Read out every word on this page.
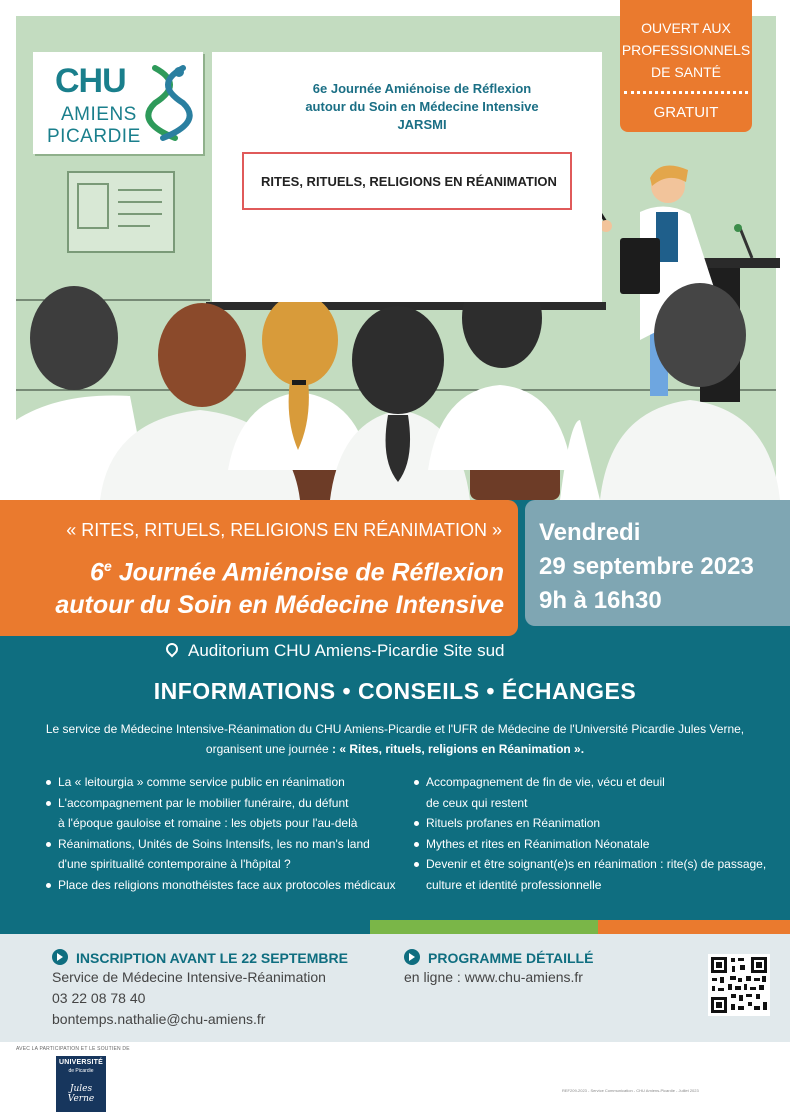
CHU
AMIENS
PICARDIE
6e Journée Amiénoise de Réflexion
autour du Soin en Médecine Intensive
JARSMI
RITES, RITUELS, RELIGIONS EN RÉANIMATION
OUVERT AUX
PROFESSIONNELS
DE SANTÉ
GRATUIT
« RITES, RITUELS, RELIGIONS EN RÉANIMATION »
6e Journée Amiénoise de Réflexion
autour du Soin en Médecine Intensive
Vendredi
29 septembre 2023
9h à 16h30
Auditorium CHU Amiens-Picardie Site sud
INFORMATIONS • CONSEILS • ÉCHANGES
Le service de Médecine Intensive-Réanimation du CHU Amiens-Picardie et l'UFR de Médecine de l'Université Picardie Jules Verne,
organisent une journée : « Rites, rituels, religions en Réanimation ».
La « leitourgia » comme service public en réanimation
L'accompagnement par le mobilier funéraire, du défunt
à l'époque gauloise et romaine : les objets pour l'au-delà
Réanimations, Unités de Soins Intensifs, les no man's land
d'une spiritualité contemporaine à l'hôpital ?
Place des religions monothéistes face aux protocoles médicaux
Accompagnement de fin de vie, vécu et deuil
de ceux qui restent
Rituels profanes en Réanimation
Mythes et rites en Réanimation Néonatale
Devenir et être soignant(e)s en réanimation : rite(s) de passage,
culture et identité professionnelle
INSCRIPTION AVANT LE 22 SEPTEMBRE
Service de Médecine Intensive-Réanimation
03 22 08 78 40
bontemps.nathalie@chu-amiens.fr
PROGRAMME DÉTAILLÉ
en ligne : www.chu-amiens.fr
AVEC LA PARTICIPATION ET LE SOUTIEN DE
UNIVERSITÉ
de Picardie
Jules Verne
REF209-2023 - Service Communication - CHU Amiens-Picardie - Juillet 2023
